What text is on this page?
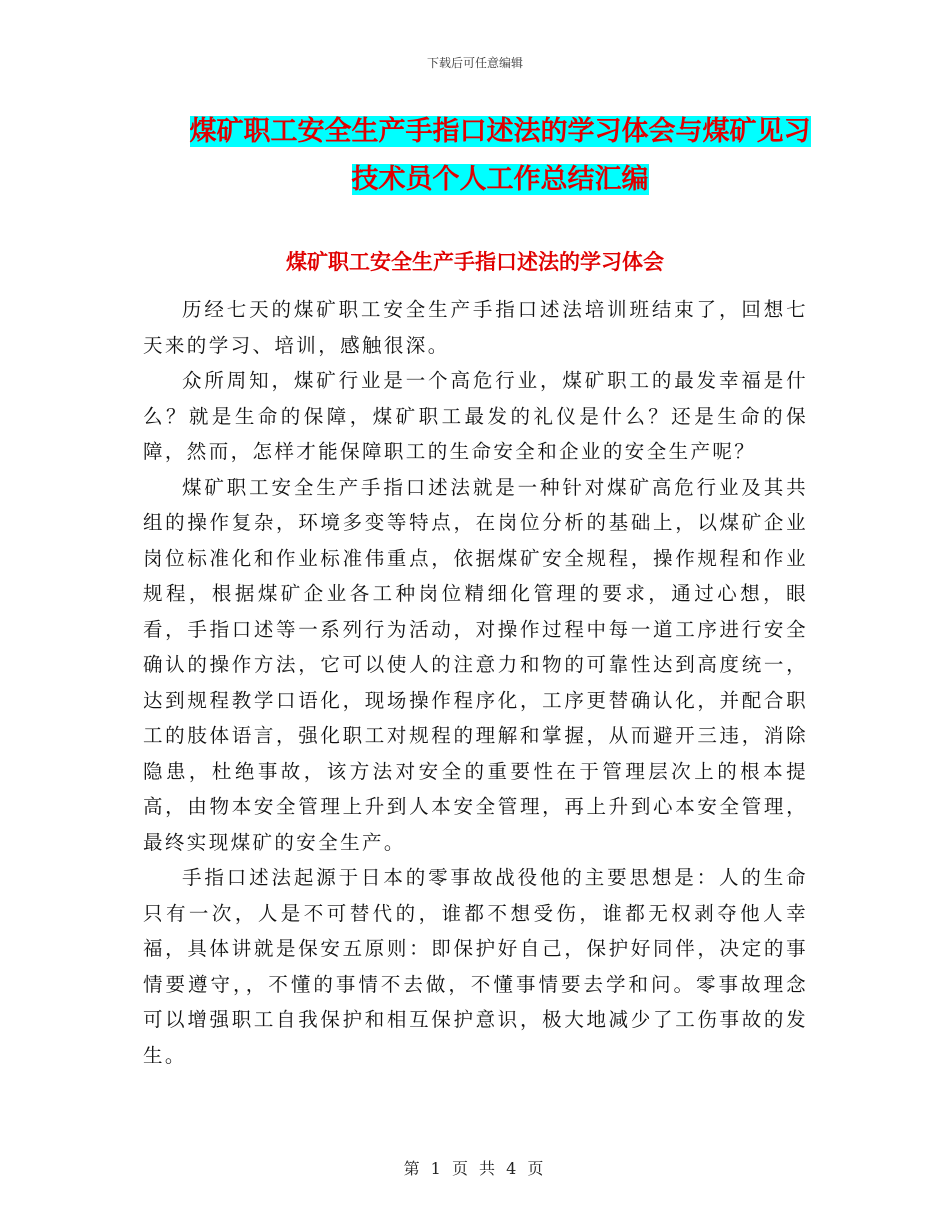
下载后可任意编辑
煤矿职工安全生产手指口述法的学习体会与煤矿见习
技术员个人工作总结汇编
煤矿职工安全生产手指口述法的学习体会

历经七天的煤矿职工安全生产手指口述法培训班结束了，回想七天来的学习、培训，感触很深。

众所周知，煤矿行业是一个高危行业，煤矿职工的最发幸福是什么？就是生命的保障，煤矿职工最发的礼仪是什么？还是生命的保障，然而，怎样才能保障职工的生命安全和企业的安全生产呢？

煤矿职工安全生产手指口述法就是一种针对煤矿高危行业及其共组的操作复杂，环境多变等特点，在岗位分析的基础上，以煤矿企业岗位标准化和作业标准伟重点，依据煤矿安全规程，操作规程和作业规程，根据煤矿企业各工种岗位精细化管理的要求，通过心想，眼看，手指口述等一系列行为活动，对操作过程中每一道工序进行安全确认的操作方法，它可以使人的注意力和物的可靠性达到高度统一，达到规程教学口语化，现场操作程序化，工序更替确认化，并配合职工的肢体语言，强化职工对规程的理解和掌握，从而避开三违，消除隐患，杜绝事故，该方法对安全的重要性在于管理层次上的根本提高，由物本安全管理上升到人本安全管理，再上升到心本安全管理，最终实现煤矿的安全生产。

手指口述法起源于日本的零事故战役他的主要思想是：人的生命只有一次，人是不可替代的，谁都不想受伤，谁都无权剥夺他人幸福，具体讲就是保安五原则：即保护好自己，保护好同伴，决定的事情要遵守，，不懂的事情不去做，不懂事情要去学和问。零事故理念可以增强职工自我保护和相互保护意识，极大地减少了工伤事故的发生。

第 1 页 共 4 页
